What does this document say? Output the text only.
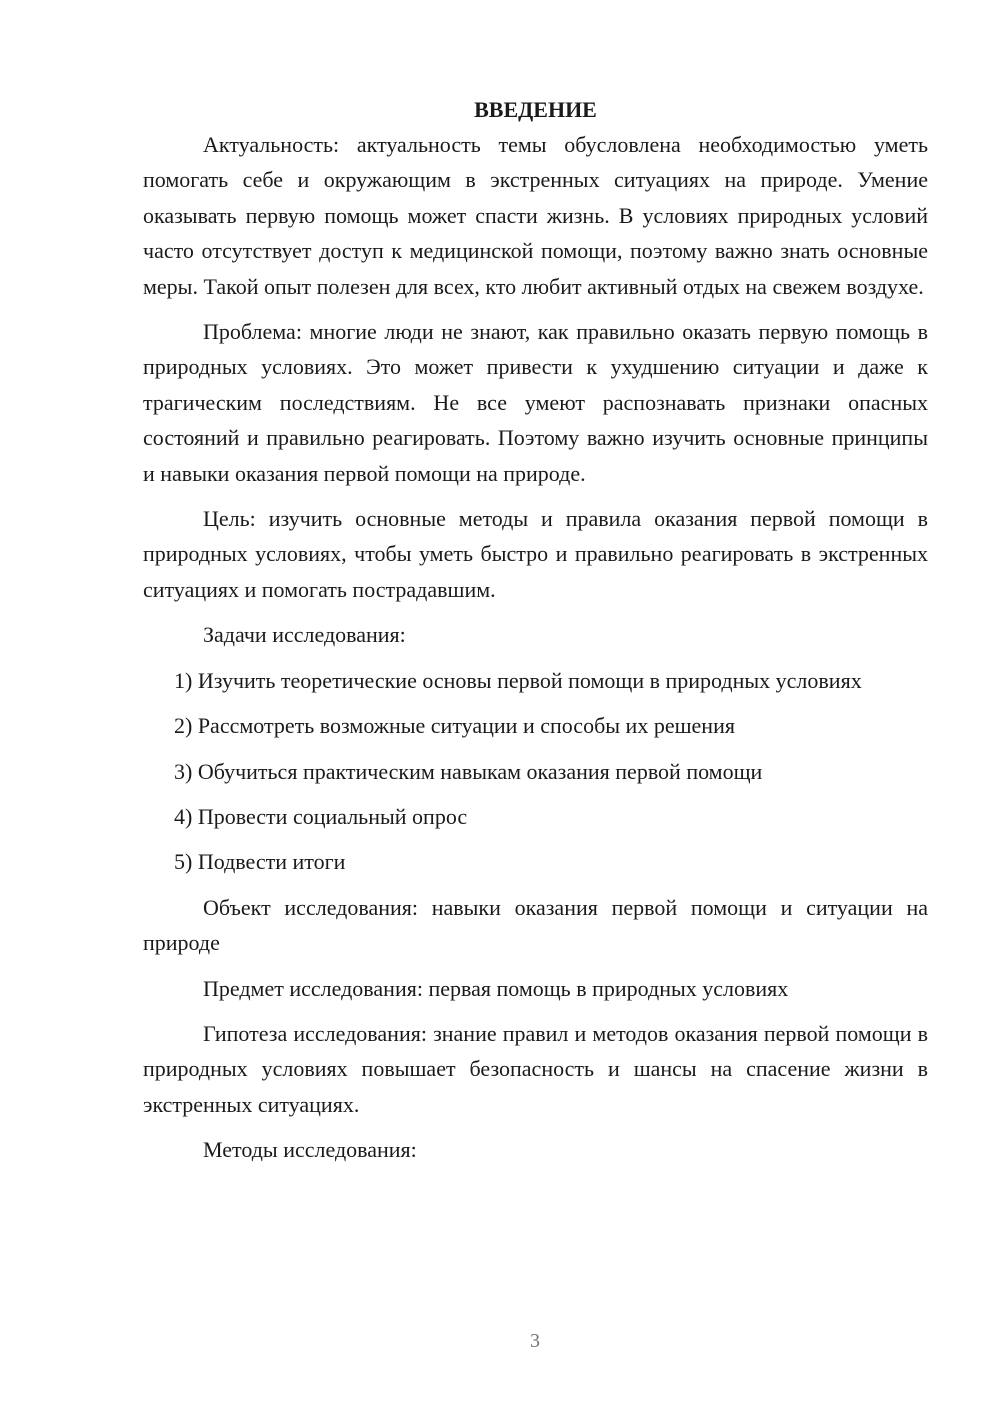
ВВЕДЕНИЕ

Актуальность: актуальность темы обусловлена необходимостью уметь помогать себе и окружающим в экстренных ситуациях на природе. Умение оказывать первую помощь может спасти жизнь. В условиях природных условий часто отсутствует доступ к медицинской помощи, поэтому важно знать основные меры. Такой опыт полезен для всех, кто любит активный отдых на свежем воздухе.

Проблема: многие люди не знают, как правильно оказать первую помощь в природных условиях. Это может привести к ухудшению ситуации и даже к трагическим последствиям. Не все умеют распознавать признаки опасных состояний и правильно реагировать. Поэтому важно изучить основные принципы и навыки оказания первой помощи на природе.

Цель: изучить основные методы и правила оказания первой помощи в природных условиях, чтобы уметь быстро и правильно реагировать в экстренных ситуациях и помогать пострадавшим.

Задачи исследования:

1) Изучить теоретические основы первой помощи в природных условиях

2) Рассмотреть возможные ситуации и способы их решения

3) Обучиться практическим навыкам оказания первой помощи

4) Провести социальный опрос

5) Подвести итоги

Объект исследования: навыки оказания первой помощи и ситуации на природе

Предмет исследования: первая помощь в природных условиях

Гипотеза исследования: знание правил и методов оказания первой помощи в природных условиях повышает безопасность и шансы на спасение жизни в экстренных ситуациях.

Методы исследования:

3
